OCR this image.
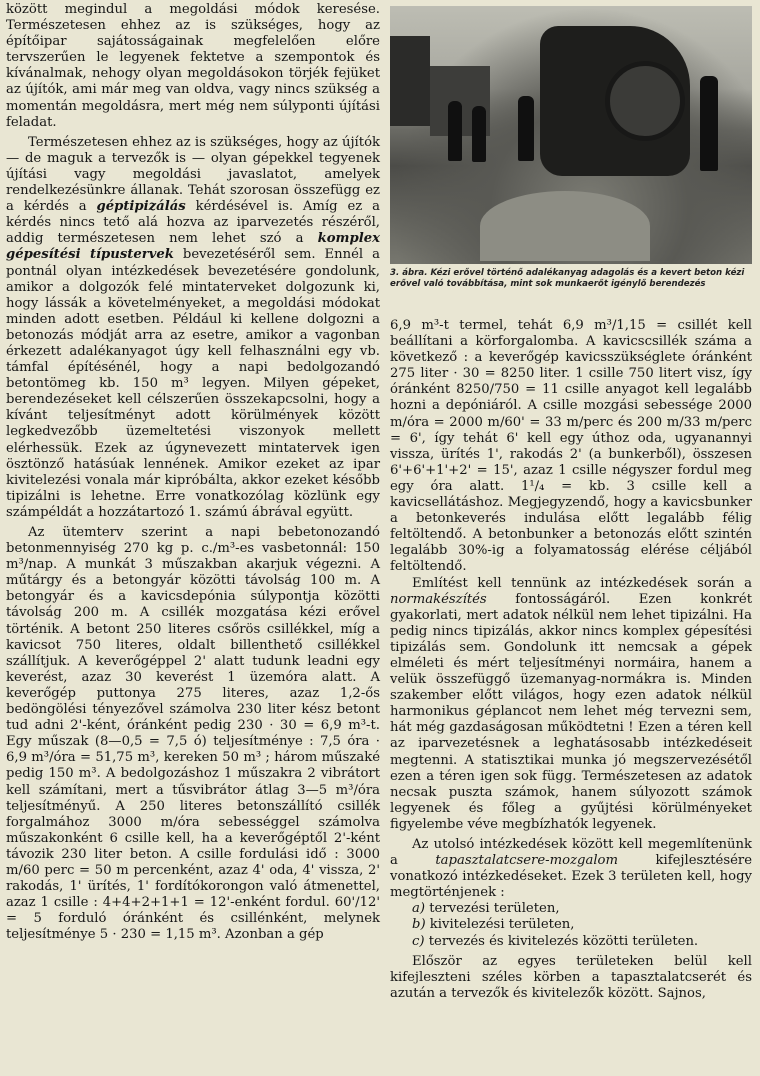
között megindul a megoldási módok keresése. Természetesen ehhez az is szükséges, hogy az építőipar sajátosságainak megfelelően előre tervszerűen le legyenek fektetve a szempontok és kívánalmak, nehogy olyan megoldásokon törjék fejüket az újítók, ami már meg van oldva, vagy nincs szükség a momentán megoldásra, mert még nem súlyponti újítási feladat.

Természetesen ehhez az is szükséges, hogy az újítók — de maguk a tervezők is — olyan gépekkel tegyenek újítási vagy megoldási javaslatot, amelyek rendelkezésünkre állanak. Tehát szorosan összefügg ez a kérdés a géptipizálás kérdésével is. Amíg ez a kérdés nincs tető alá hozva az iparvezetés részéről, addig természetesen nem lehet szó a komplex gépesítési típustervek bevezetéséről sem. Ennél a pontnál olyan intézkedések bevezetésére gondolunk, amikor a dolgozók felé mintaterveket dolgozunk ki, hogy lássák a követelményeket, a megoldási módokat minden adott esetben. Például ki kellene dolgozni a betonozás módját arra az esetre, amikor a vagonban érkezett adalékanyagot úgy kell felhasználni egy vb. támfal építésénél, hogy a napi bedolgozandó betontömeg kb. 150 m³ legyen. Milyen gépeket, berendezéseket kell célszerűen összekapcsolni, hogy a kívánt teljesítményt adott körülmények között legkedvezőbb üzemeltetési viszonyok mellett elérhessük. Ezek az úgynevezett mintatervek igen ösztönző hatásúak lennének. Amikor ezeket az ipar kivitelezési vonala már kipróbálta, akkor ezeket később tipizálni is lehetne. Erre vonatkozólag közlünk egy számpéldát a hozzátartozó 1. számú ábrával együtt.

Az ütemterv szerint a napi bebetonozandó betonmennyiség 270 kg p. c./m³-es vasbetonnál: 150 m³/nap. A munkát 3 műszakban akarjuk végezni. A műtárgy és a betongyár közötti távolság 100 m. A betongyár és a kavicsdepónia súlypontja közötti távolság 200 m. A csillék mozgatása kézi erővel történik. A betont 250 literes csőrös csillékkel, míg a kavicsot 750 literes, oldalt billenthető csillékkel szállítjuk. A keverőgéppel 2' alatt tudunk leadni egy keverést, azaz 30 keverést 1 üzemóra alatt. A keverőgép puttonya 275 literes, azaz 1,2-ős bedöngölési tényezővel számolva 230 liter kész betont tud adni 2'-ként, óránként pedig 230 · 30 = 6,9 m³-t. Egy műszak (8—0,5 = 7,5 ó) teljesítménye : 7,5 óra · 6,9 m³/óra = 51,75 m³, kereken 50 m³ ; három műszaké pedig 150 m³. A bedolgozáshoz 1 műszakra 2 vibrátort kell számítani, mert a tűsvibrátor átlag 3—5 m³/óra teljesítményű. A 250 literes betonszállító csillék forgalmához 3000 m/óra sebességgel számolva műszakonként 6 csille kell, ha a keverőgéptől 2'-ként távozik 230 liter beton. A csille fordulási idő : 3000 m/60 perc = 50 m percenként, azaz 4' oda, 4' vissza, 2' rakodás, 1' ürítés, 1' fordítókorongon való átmenettel, azaz 1 csille : 4+4+2+1+1 = 12'-enként fordul. 60'/12' = 5 forduló óránként és csillénként, melynek teljesítménye 5 · 230 = 1,15 m³. Azonban a gép

3. ábra. Kézi erővel történő adalékanyag adagolás és a kevert beton kézi erővel való továbbítása, mint sok munkaerőt igénylő berendezés

6,9 m³-t termel, tehát 6,9 m³/1,15 = csillét kell beállítani a körforgalomba. A kavicscsillék száma a következő : a keverőgép kavicsszükséglete óránként 275 liter · 30 = 8250 liter. 1 csille 750 litert visz, így óránként 8250/750 = 11 csille anyagot kell legalább hozni a depóniáról. A csille mozgási sebessége 2000 m/óra = 2000 m/60' = 33 m/perc és 200 m/33 m/perc = 6', így tehát 6' kell egy úthoz oda, ugyanannyi vissza, ürítés 1', rakodás 2' (a bunkerből), összesen 6'+6'+1'+2' = 15', azaz 1 csille négyszer fordul meg egy óra alatt. 1¹/₄ = kb. 3 csille kell a kavicsellátáshoz. Megjegyzendő, hogy a kavicsbunker a betonkeverés indulása előtt legalább félig feltöltendő. A betonbunker a betonozás előtt szintén legalább 30%-ig a folyamatosság elérése céljából feltöltendő.

Említést kell tennünk az intézkedések során a normakészítés fontosságáról. Ezen konkrét gyakorlati, mert adatok nélkül nem lehet tipizálni. Ha pedig nincs tipizálás, akkor nincs komplex gépesítési tipizálás sem. Gondolunk itt nemcsak a gépek elméleti és mért teljesítményi normáira, hanem a velük összefüggő üzemanyag-normákra is. Minden szakember előtt világos, hogy ezen adatok nélkül harmonikus géplancot nem lehet még tervezni sem, hát még gazdaságosan működtetni ! Ezen a téren kell az iparvezetésnek a leghatásosabb intézkedéseit megtenni. A statisztikai munka jó megszervezésétől ezen a téren igen sok függ. Természetesen az adatok necsak puszta számok, hanem súlyozott számok legyenek és főleg a gyűjtési körülményeket figyelembe véve megbízhatók legyenek.

Az utolsó intézkedések között kell megemlítenünk a tapasztalatcsere-mozgalom kifejlesztésére vonatkozó intézkedéseket. Ezek 3 területen kell, hogy megtörténjenek :

a) tervezési területen,

b) kivitelezési területen,

c) tervezés és kivitelezés közötti területen.

Először az egyes területeken belül kell kifejleszteni széles körben a tapasztalatcserét és azután a tervezők és kivitelezők között. Sajnos,
